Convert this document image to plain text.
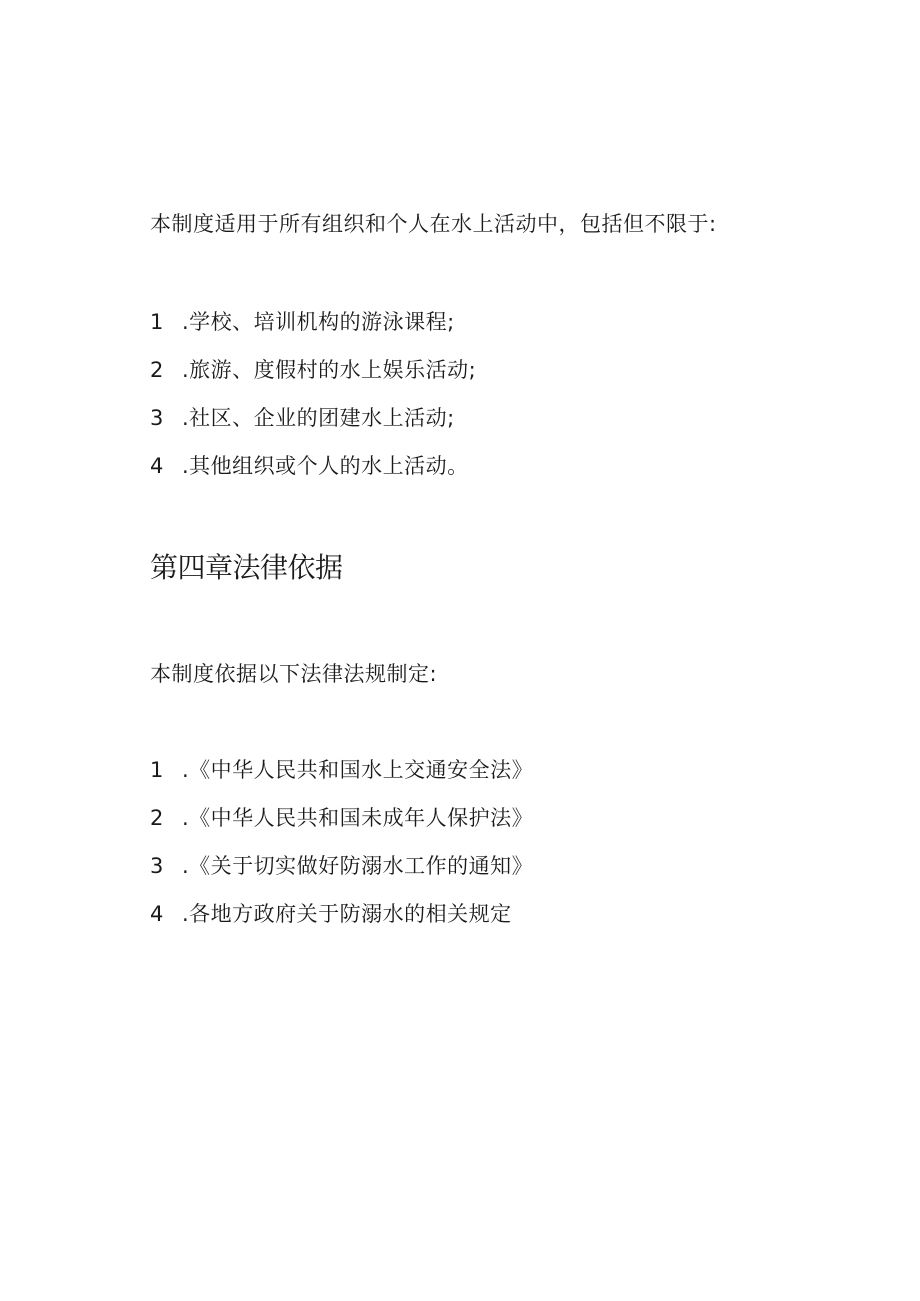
本制度适用于所有组织和个人在水上活动中，包括但不限于:
1 .学校、培训机构的游泳课程;
2 .旅游、度假村的水上娱乐活动;
3 .社区、企业的团建水上活动;
4 .其他组织或个人的水上活动。
第四章法律依据
本制度依据以下法律法规制定:
1 .《中华人民共和国水上交通安全法》
2 .《中华人民共和国未成年人保护法》
3 .《关于切实做好防溺水工作的通知》
4 .各地方政府关于防溺水的相关规定
